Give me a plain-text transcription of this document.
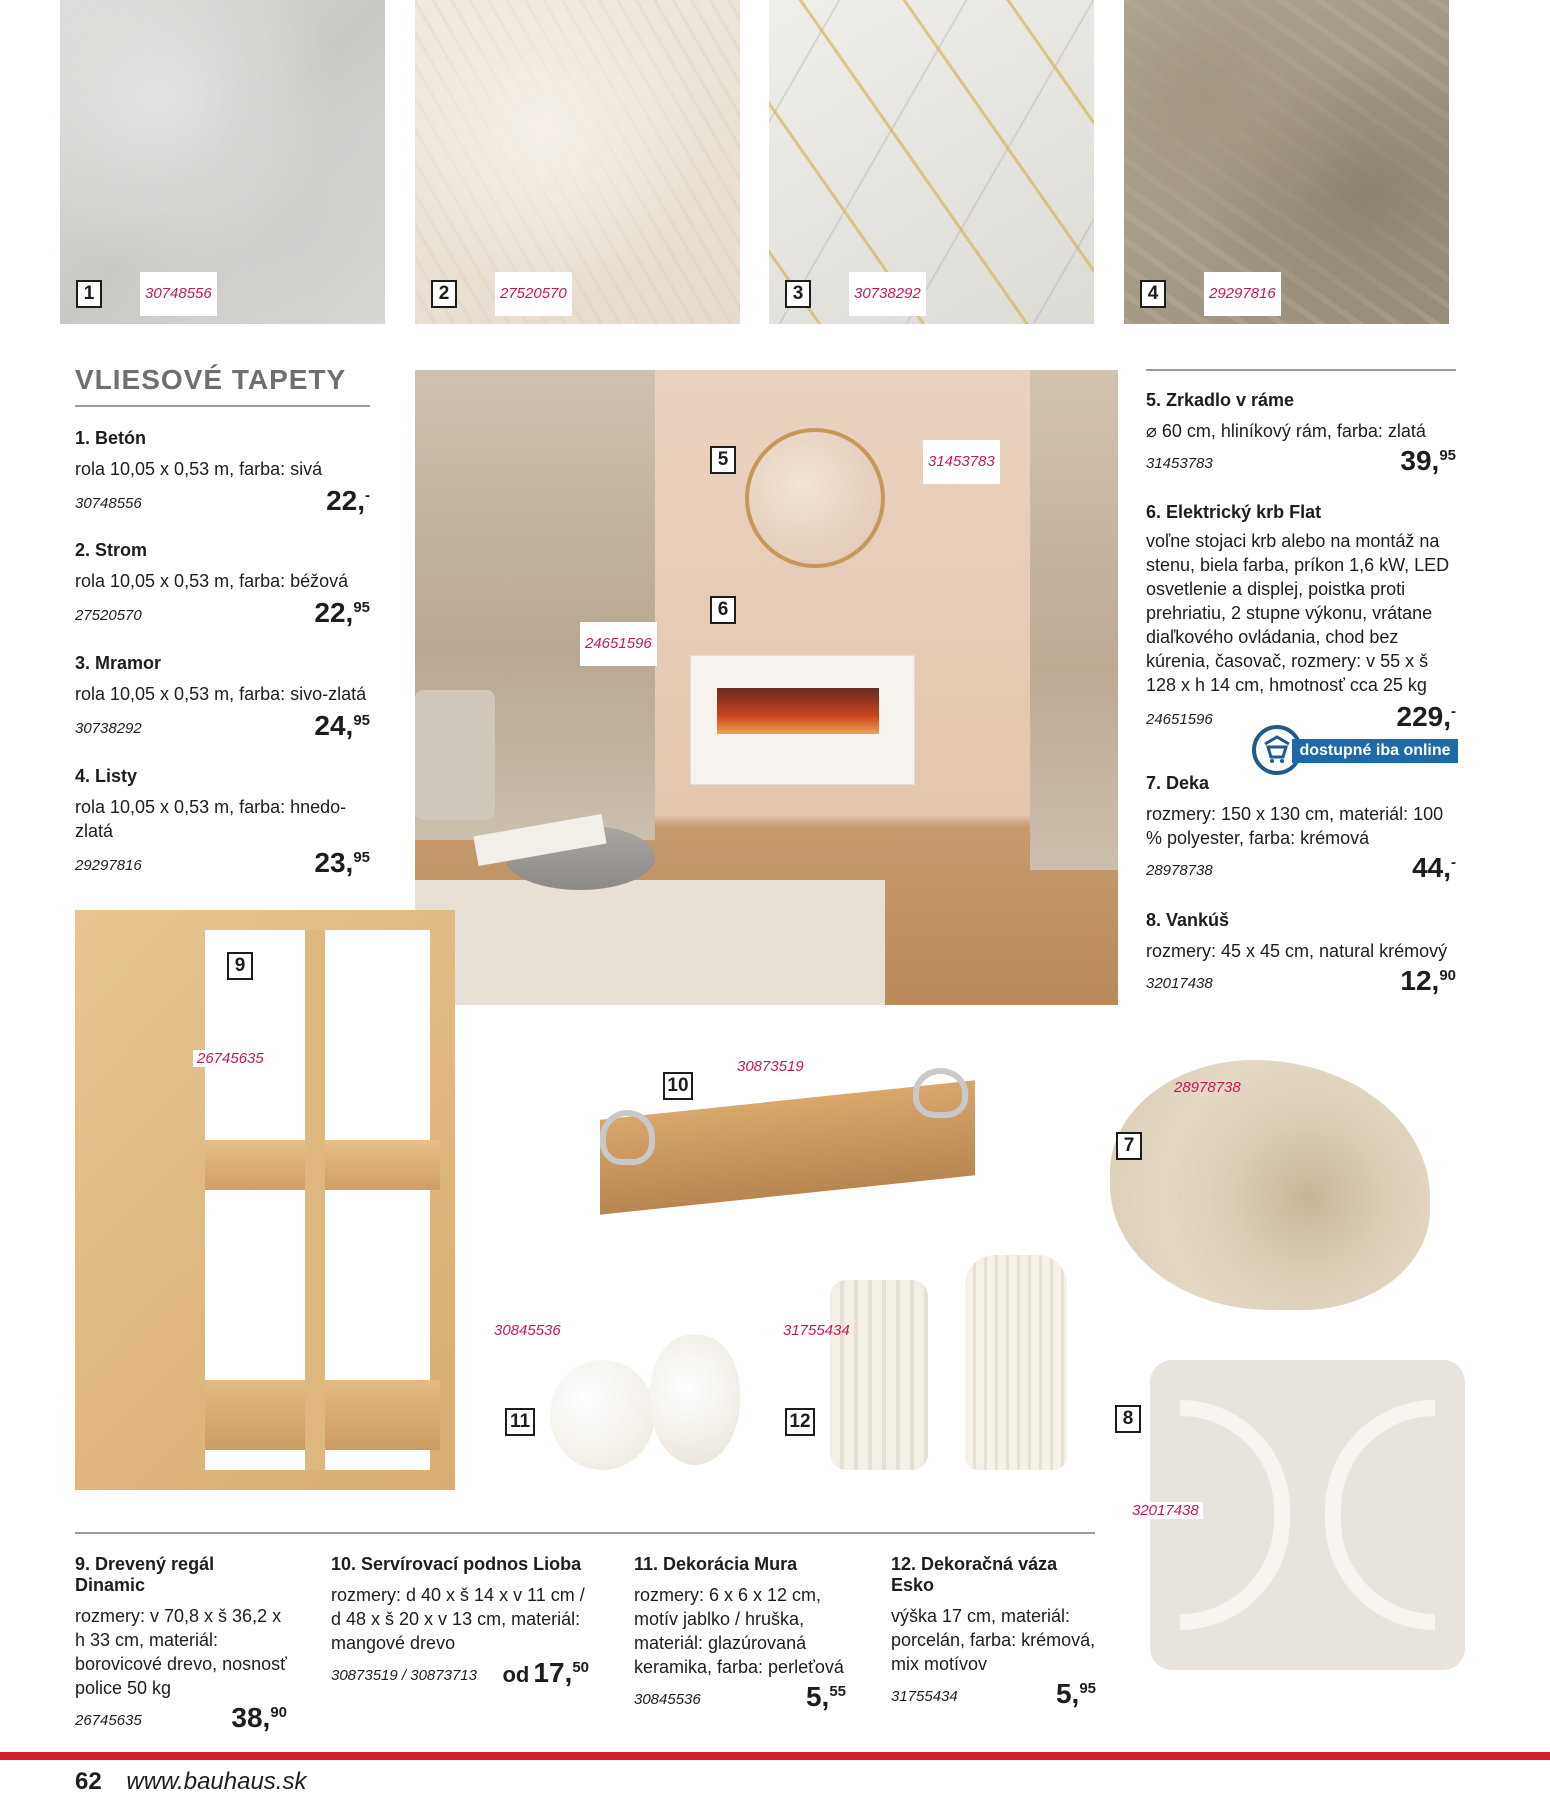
1	30748556	2	27520570	3	30738292	4	29297816
VLIESOVÉ TAPETY
1. Betón
rola 10,05 x 0,53 m, farba: sivá
30748556	22,-
2. Strom
rola 10,05 x 0,53 m, farba: béžová
27520570	22,95
3. Mramor
rola 10,05 x 0,53 m, farba: sivo-zlatá
30738292	24,95
4. Listy
rola 10,05 x 0,53 m, farba: hnedo-zlatá
29297816	23,95
5
6
31453783
24651596
5. Zrkadlo v ráme
⌀ 60 cm, hliníkový rám, farba: zlatá
31453783	39,95
6. Elektrický krb Flat
voľne stojaci krb alebo na montáž na stenu, biela farba, príkon 1,6 kW, LED osvetlenie a displej, poistka proti prehriatiu, 2 stupne výkonu, vrátane diaľkového ovládania, chod bez kúrenia, časovač, rozmery: v 55 x š 128 x h 14 cm, hmotnosť cca 25 kg
24651596	229,-
dostupné iba online
7. Deka
rozmery: 150 x 130 cm, materiál: 100 % polyester, farba: krémová
28978738	44,-
8. Vankúš
rozmery: 45 x 45 cm, natural krémový
32017438	12,90
9
26745635
10
30873519
7
28978738
11
30845536
12
31755434
8
32017438
9. Drevený regál Dinamic
rozmery: v 70,8 x š 36,2 x h 33 cm, materiál: borovicové drevo, nosnosť police 50 kg
26745635	38,90
10. Servírovací podnos Lioba
rozmery: d 40 x š 14 x v 11 cm / d 48 x š 20 x v 13 cm, materiál: mangové drevo
30873519 / 30873713 od 17,50
11. Dekorácia Mura
rozmery: 6 x 6 x 12 cm, motív jablko / hruška, materiál: glazúrovaná keramika, farba: perleťová
30845536	5,55
12. Dekoračná váza Esko
výška 17 cm, materiál: porcelán, farba: krémová, mix motívov
31755434	5,95
62 www.bauhaus.sk
